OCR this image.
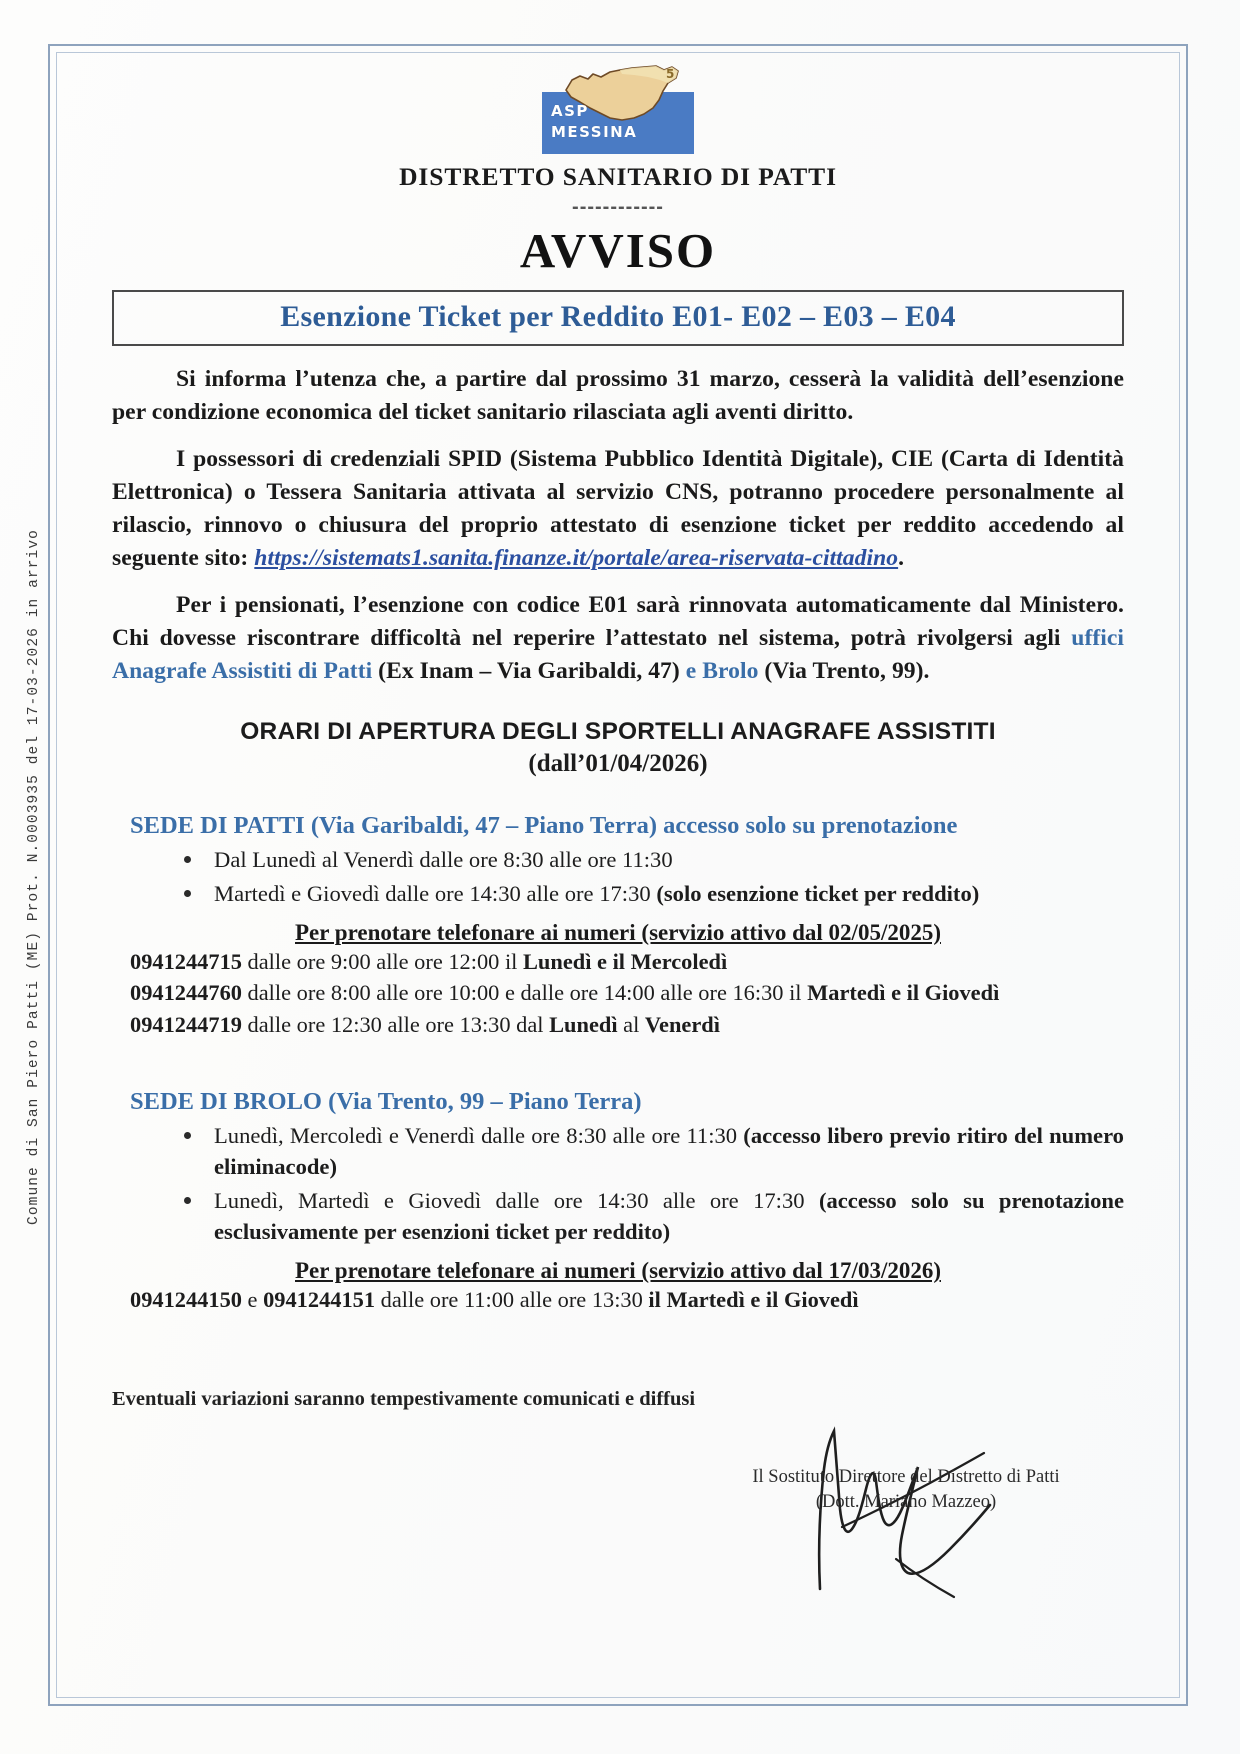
Comune di San Piero Patti (ME) Prot. N.0003935 del 17-03-2026 in arrivo
5
ASP
MESSINA
DISTRETTO SANITARIO DI PATTI
------------
AVVISO
Esenzione Ticket per Reddito E01- E02 – E03 – E04

Si informa l’utenza che, a partire dal prossimo 31 marzo, cesserà la validità dell’esenzione per condizione economica del ticket sanitario rilasciata agli aventi diritto.

I possessori di credenziali SPID (Sistema Pubblico Identità Digitale), CIE (Carta di Identità Elettronica) o Tessera Sanitaria attivata al servizio CNS, potranno procedere personalmente al rilascio, rinnovo o chiusura del proprio attestato di esenzione ticket per reddito accedendo al seguente sito: https://sistemats1.sanita.finanze.it/portale/area-riservata-cittadino.

Per i pensionati, l’esenzione con codice E01 sarà rinnovata automaticamente dal Ministero. Chi dovesse riscontrare difficoltà nel reperire l’attestato nel sistema, potrà rivolgersi agli uffici Anagrafe Assistiti di Patti (Ex Inam – Via Garibaldi, 47) e Brolo (Via Trento, 99).

ORARI DI APERTURA DEGLI SPORTELLI ANAGRAFE ASSISTITI
(dall’01/04/2026)
SEDE DI PATTI (Via Garibaldi, 47 – Piano Terra) accesso solo su prenotazione
Dal Lunedì al Venerdì dalle ore 8:30 alle ore 11:30
Martedì e Giovedì dalle ore 14:30 alle ore 17:30 (solo esenzione ticket per reddito)
Per prenotare telefonare ai numeri (servizio attivo dal 02/05/2025)
0941244715 dalle ore 9:00 alle ore 12:00 il Lunedì e il Mercoledì
0941244760 dalle ore 8:00 alle ore 10:00 e dalle ore 14:00 alle ore 16:30 il Martedì e il Giovedì
0941244719 dalle ore 12:30 alle ore 13:30 dal Lunedì al Venerdì
SEDE DI BROLO (Via Trento, 99 – Piano Terra)
Lunedì, Mercoledì e Venerdì dalle ore 8:30 alle ore 11:30 (accesso libero previo ritiro del numero eliminacode)
Lunedì, Martedì e Giovedì dalle ore 14:30 alle ore 17:30 (accesso solo su prenotazione esclusivamente per esenzioni ticket per reddito)
Per prenotare telefonare ai numeri (servizio attivo dal 17/03/2026)
0941244150 e 0941244151 dalle ore 11:00 alle ore 13:30 il Martedì e il Giovedì
Eventuali variazioni saranno tempestivamente comunicati e diffusi
Il Sostituto Direttore del Distretto di Patti
(Dott. Mariano Mazzeo)
